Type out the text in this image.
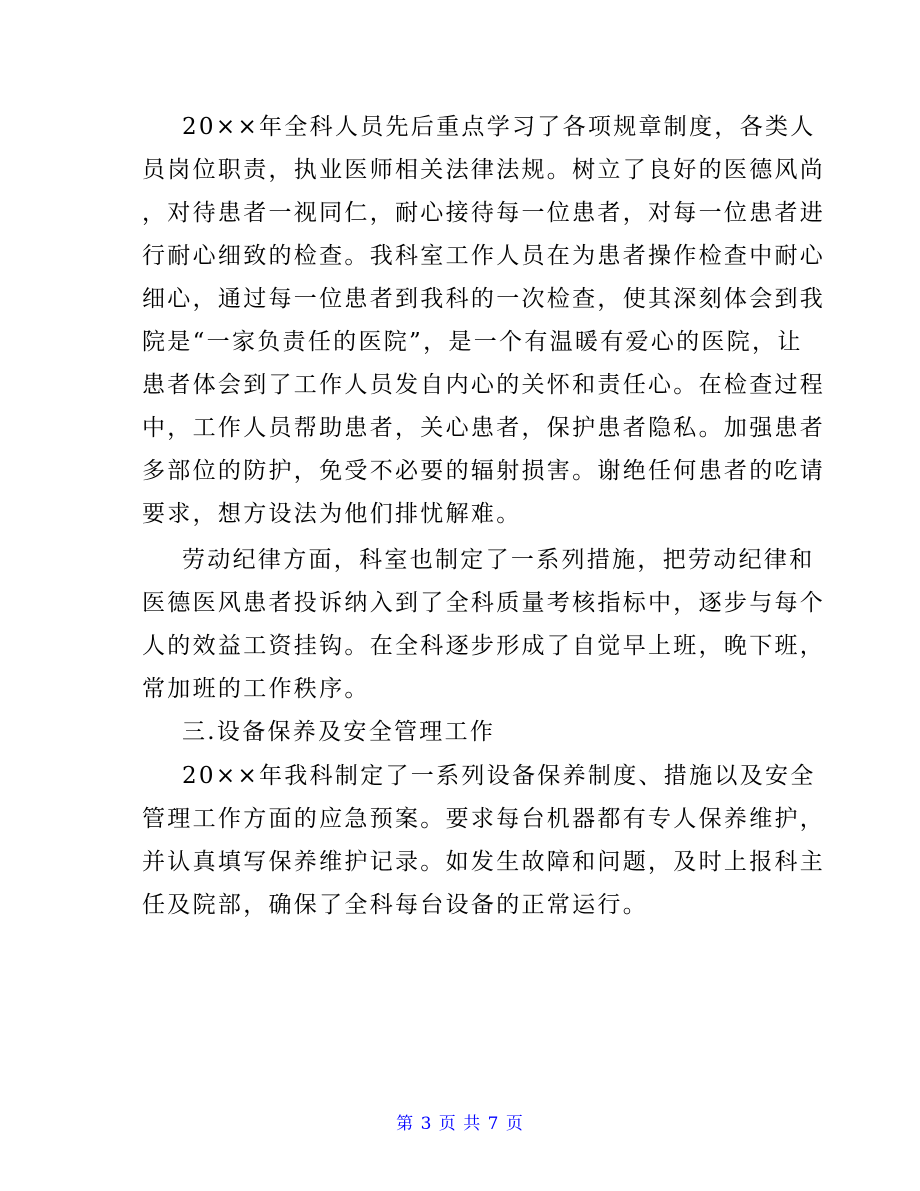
20××年全科人员先后重点学习了各项规章制度，各类人
员岗位职责，执业医师相关法律法规。树立了良好的医德风尚
，对待患者一视同仁，耐心接待每一位患者，对每一位患者进
行耐心细致的检查。我科室工作人员在为患者操作检查中耐心
细心，通过每一位患者到我科的一次检查，使其深刻体会到我
院是“一家负责任的医院”，是一个有温暖有爱心的医院，让
患者体会到了工作人员发自内心的关怀和责任心。在检查过程
中，工作人员帮助患者，关心患者，保护患者隐私。加强患者
多部位的防护，免受不必要的辐射损害。谢绝任何患者的吃请
要求，想方设法为他们排忧解难。
劳动纪律方面，科室也制定了一系列措施，把劳动纪律和
医德医风患者投诉纳入到了全科质量考核指标中，逐步与每个
人的效益工资挂钩。在全科逐步形成了自觉早上班，晚下班，
常加班的工作秩序。
三.设备保养及安全管理工作
20××年我科制定了一系列设备保养制度、措施以及安全
管理工作方面的应急预案。要求每台机器都有专人保养维护，
并认真填写保养维护记录。如发生故障和问题，及时上报科主
任及院部，确保了全科每台设备的正常运行。
第 3 页 共 7 页
